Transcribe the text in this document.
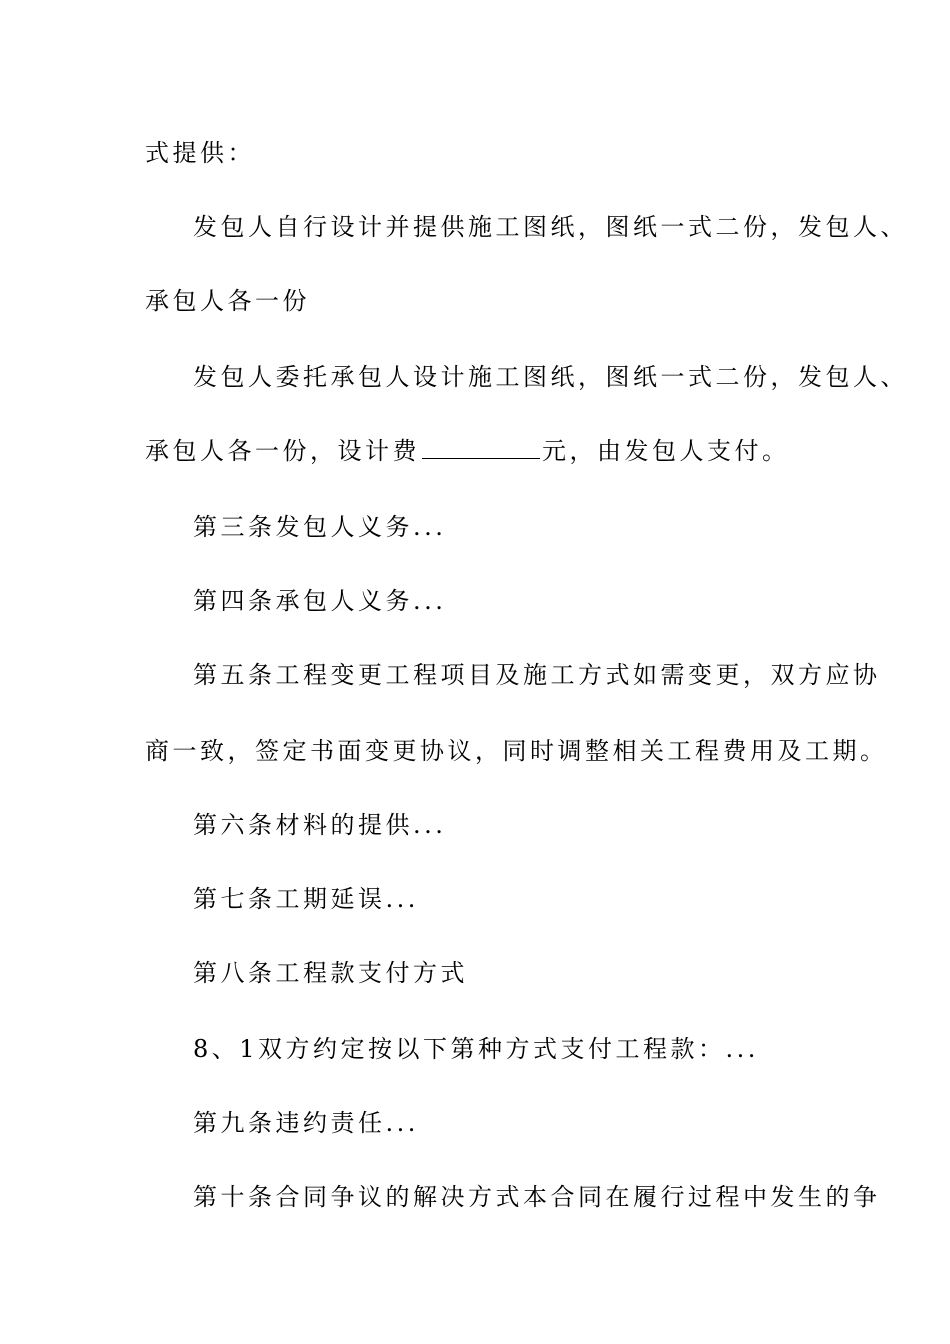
式提供：
发包人自行设计并提供施工图纸，图纸一式二份，发包人、
承包人各一份
发包人委托承包人设计施工图纸，图纸一式二份，发包人、
承包人各一份，设计费	元，由发包人支付。
第三条发包人义务...
第四条承包人义务...
第五条工程变更工程项目及施工方式如需变更，双方应协
商一致，签定书面变更协议，同时调整相关工程费用及工期。
第六条材料的提供...
第七条工期延误...
第八条工程款支付方式
8、1双方约定按以下第种方式支付工程款：...
第九条违约责任...
第十条合同争议的解决方式本合同在履行过程中发生的争
